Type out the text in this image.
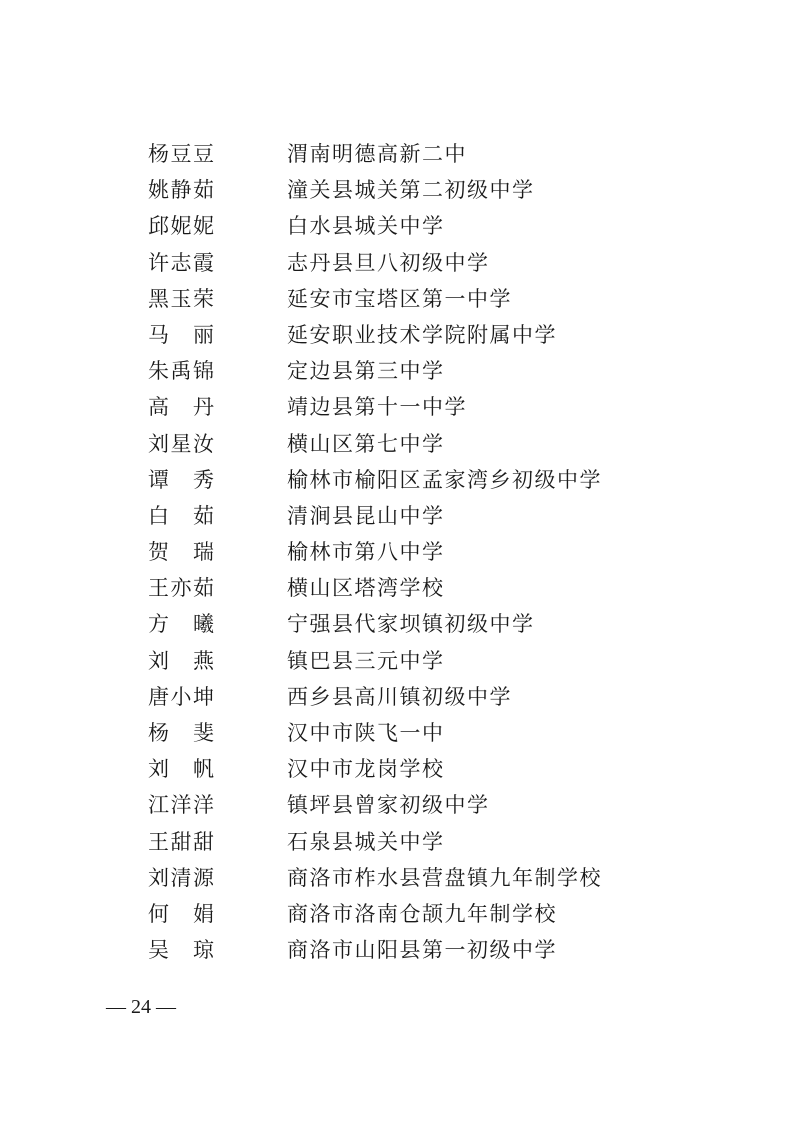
杨豆豆	渭南明德高新二中
姚静茹	潼关县城关第二初级中学
邱妮妮	白水县城关中学
许志霞	志丹县旦八初级中学
黑玉荣	延安市宝塔区第一中学
马 丽	延安职业技术学院附属中学
朱禹锦	定边县第三中学
高 丹	靖边县第十一中学
刘星汝	横山区第七中学
谭 秀	榆林市榆阳区孟家湾乡初级中学
白 茹	清涧县昆山中学
贺 瑞	榆林市第八中学
王亦茹	横山区塔湾学校
方 曦	宁强县代家坝镇初级中学
刘 燕	镇巴县三元中学
唐小坤	西乡县高川镇初级中学
杨 斐	汉中市陕飞一中
刘 帆	汉中市龙岗学校
江洋洋	镇坪县曾家初级中学
王甜甜	石泉县城关中学
刘清源	商洛市柞水县营盘镇九年制学校
何 娟	商洛市洛南仓颉九年制学校
吴 琼	商洛市山阳县第一初级中学
— 24 —
